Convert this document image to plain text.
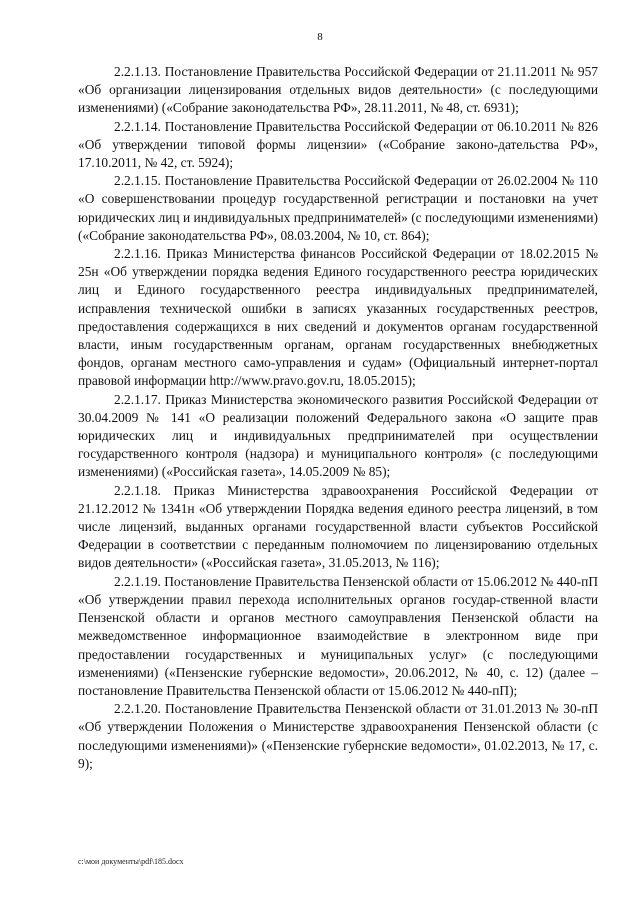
8

2.2.1.13. Постановление Правительства Российской Федерации от 21.11.2011 № 957 «Об организации лицензирования отдельных видов деятельности» (с последующими изменениями) («Собрание законодательства РФ», 28.11.2011, № 48, ст. 6931);

2.2.1.14. Постановление Правительства Российской Федерации от 06.10.2011 № 826 «Об утверждении типовой формы лицензии» («Собрание законо-дательства РФ», 17.10.2011, № 42, ст. 5924);

2.2.1.15. Постановление Правительства Российской Федерации от 26.02.2004 № 110 «О совершенствовании процедур государственной регистрации и постановки на учет юридических лиц и индивидуальных предпринимателей» (с последующими изменениями) («Собрание законодательства РФ», 08.03.2004, № 10, ст. 864);

2.2.1.16. Приказ Министерства финансов Российской Федерации от 18.02.2015 № 25н «Об утверждении порядка ведения Единого государственного реестра юридических лиц и Единого государственного реестра индивидуальных предпринимателей, исправления технической ошибки в записях указанных государственных реестров, предоставления содержащихся в них сведений и документов органам государственной власти, иным государственным органам, органам государственных внебюджетных фондов, органам местного само-управления и судам» (Официальный интернет-портал правовой информации http://www.pravo.gov.ru, 18.05.2015);

2.2.1.17. Приказ Министерства экономического развития Российской Федерации от 30.04.2009 № 141 «О реализации положений Федерального закона «О защите прав юридических лиц и индивидуальных предпринимателей при осуществлении государственного контроля (надзора) и муниципального контроля» (с последующими изменениями) («Российская газета», 14.05.2009 № 85);

2.2.1.18. Приказ Министерства здравоохранения Российской Федерации от 21.12.2012 № 1341н «Об утверждении Порядка ведения единого реестра лицензий, в том числе лицензий, выданных органами государственной власти субъектов Российской Федерации в соответствии с переданным полномочием по лицензированию отдельных видов деятельности» («Российская газета», 31.05.2013, № 116);

2.2.1.19. Постановление Правительства Пензенской области от 15.06.2012 № 440-пП «Об утверждении правил перехода исполнительных органов государ-ственной власти Пензенской области и органов местного самоуправления Пензенской области на межведомственное информационное взаимодействие в электронном виде при предоставлении государственных и муниципальных услуг» (с последующими изменениями) («Пензенские губернские ведомости», 20.06.2012, № 40, с. 12) (далее – постановление Правительства Пензенской области от 15.06.2012 № 440-пП);

2.2.1.20. Постановление Правительства Пензенской области от 31.01.2013 № 30-пП «Об утверждении Положения о Министерстве здравоохранения Пензенской области (с последующими изменениями)» («Пензенские губернские ведомости», 01.02.2013, № 17, с. 9);

c:\мои документы\pdf\185.docx
